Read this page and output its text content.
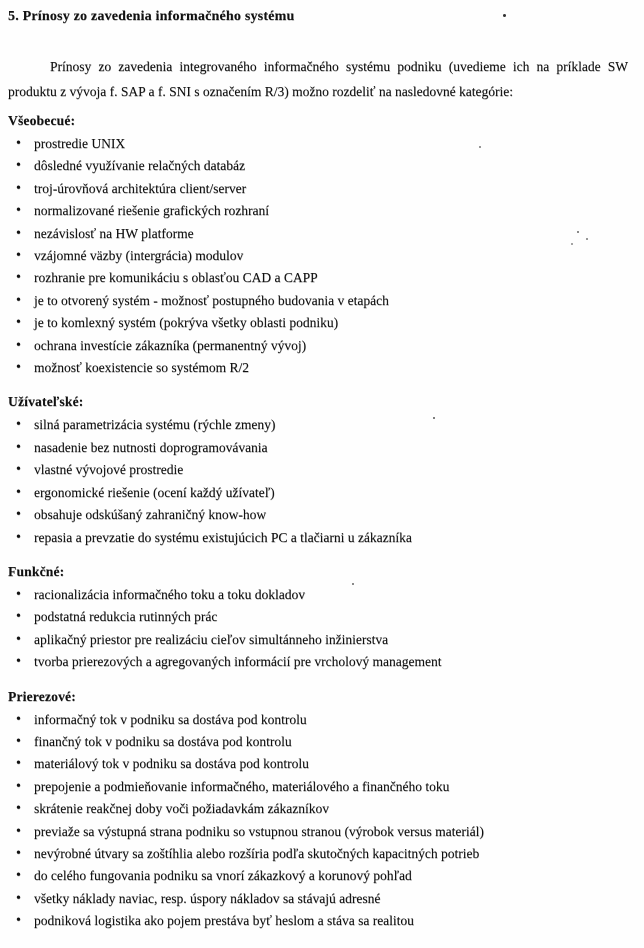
5. Prínosy zo zavedenia informačného systému

Prínosy zo zavedenia integrovaného informačného systému podniku (uvedieme ich na príklade SW produktu z vývoja f. SAP a f. SNI s označením R/3) možno rozdeliť na nasledovné kategórie:

Všeobecué:
• prostredie UNIX
• dôsledné využívanie relačných databáz
• troj-úrovňová architektúra client/server
• normalizované riešenie grafických rozhraní
• nezávislosť na HW platforme
• vzájomné väzby (intergrácia) modulov
• rozhranie pre komunikáciu s oblasťou CAD a CAPP
• je to otvorený systém - možnosť postupného budovania v etapách
• je to komlexný systém (pokrýva všetky oblasti podniku)
• ochrana investície zákazníka (permanentný vývoj)
• možnosť koexistencie so systémom R/2
Užívateľské:
• silná parametrizácia systému (rýchle zmeny)
• nasadenie bez nutnosti doprogramovávania
• vlastné vývojové prostredie
• ergonomické riešenie (ocení každý užívateľ)
• obsahuje odskúšaný zahraničný know-how
• repasia a prevzatie do systému existujúcich PC a tlačiarni u zákazníka
Funkčné:
• racionalizácia informačného toku a toku dokladov
• podstatná redukcia rutinných prác
• aplikačný priestor pre realizáciu cieľov simultánneho inžinierstva
• tvorba prierezových a agregovaných informácií pre vrcholový management
Prierezové:
• informačný tok v podniku sa dostáva pod kontrolu
• finančný tok v podniku sa dostáva pod kontrolu
• materiálový tok v podniku sa dostáva pod kontrolu
• prepojenie a podmieňovanie informačného, materiálového a finančného toku
• skrátenie reakčnej doby voči požiadavkám zákazníkov
• previaže sa výstupná strana podniku so vstupnou stranou (výrobok versus materiál)
• nevýrobné útvary sa zoštíhlia alebo rozšíria podľa skutočných kapacitných potrieb
• do celého fungovania podniku sa vnorí zákazkový a korunový pohľad
• všetky náklady naviac, resp. úspory nákladov sa stávajú adresné
• podniková logistika ako pojem prestáva byť heslom a stáva sa realitou
